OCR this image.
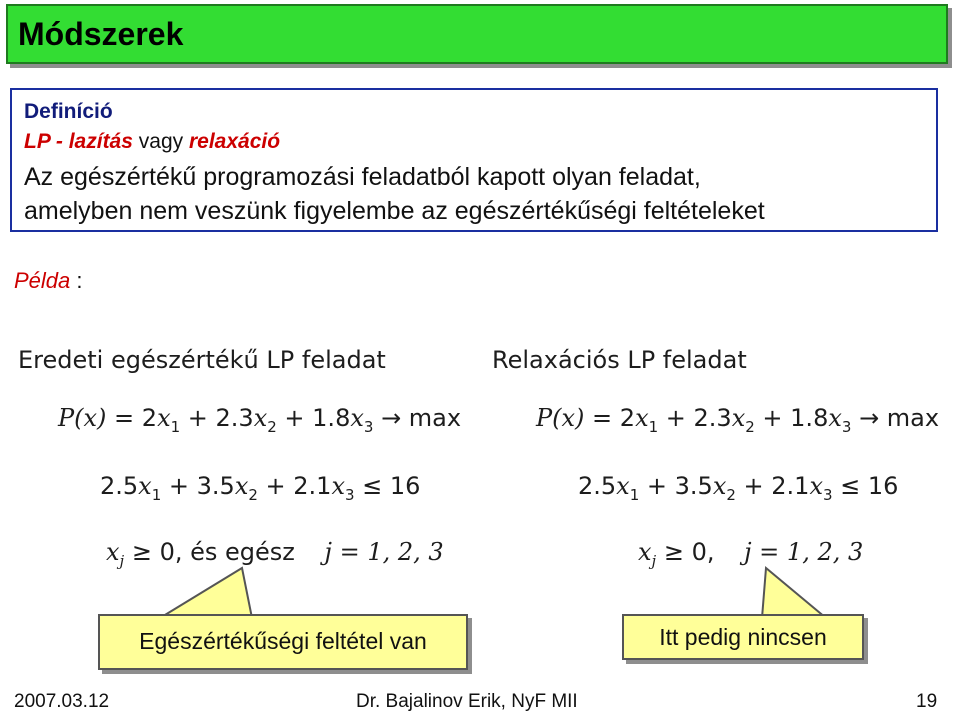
Módszerek
Definíció
LP - lazítás vagy relaxáció
Az egészértékű programozási feladatból kapott olyan feladat,
amelyben nem veszünk figyelembe az egészértékűségi feltételeket
Példa :
Eredeti egészértékű LP feladat
$P(x) = 2x_1 + 2.3x_2 + 1.8x_3 \to \max$
$2.5x_1 + 3.5x_2 + 2.1x_3 \le 16$
$x_j \ge 0$, és egész j = 1, 2, 3
Relaxációs LP feladat
$P(x) = 2x_1 + 2.3x_2 + 1.8x_3 \to \max$
$2.5x_1 + 3.5x_2 + 2.1x_3 \le 16$
$x_j \ge 0$, j = 1, 2, 3
Egészértékűségi feltétel van	Itt pedig nincsen
2007.03.12	Dr. Bajalinov Erik, NyF MII	19
